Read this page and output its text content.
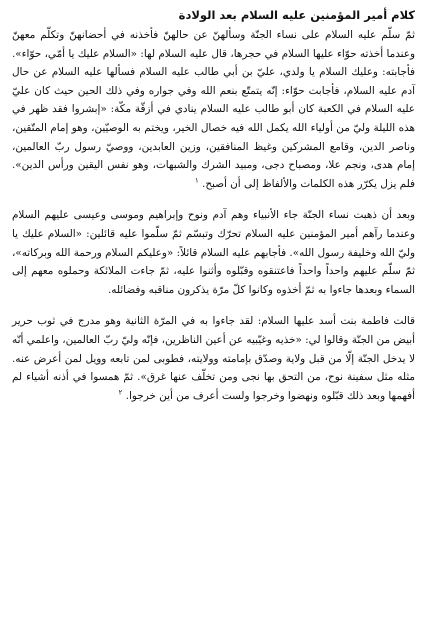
كلام أمير المؤمنين عليه السلام بعد الولادة

ثمّ سلّم عليه السلام على نساء الجنّة وسألهنّ عن حالهنّ فأخذنه في أحضانهنّ وتكلّم معهنّ وعندما أخذته حوّاء عليها السلام في حجرها، قال عليه السلام لها: «السلام عليك يا أمّي، حوّاء». فأجابته: وعليك السلام يا ولدي، عليّ بن أبي طالب عليه السلام فسألها عليه السلام عن حال آدم عليه السلام، فأجابت حوّاء: إنّه يتمتّع بنعم الله وفي جواره وفي ذلك الحين حيث كان عليّ عليه السلام في الكعبة كان أبو طالب عليه السلام ينادي في أزقّة مكّة: «إبشروا فقد ظهر في هذه الليلة وليّ من أولياء الله يكمل الله فيه خصال الخير، ويختم به الوصيّين، وهو إمام المتّقين، وناصر الدين، وقامع المشركين وغيظ المنافقين، وزين العابدين، ووصيّ رسول ربّ العالمين، إمام هدى، ونجم علا، ومصباح دجى، ومبيد الشرك والشبهات، وهو نفس اليقين ورأس الدين». فلم يزل يكرّر هذه الكلمات والألفاظ إلى أن أصبح. $^١$

وبعد أن ذهبت نساء الجنّة جاء الأنبياء وهم آدم ونوح وإبراهيم وموسى وعيسى عليهم السلام وعندما رآهم أمير المؤمنين عليه السلام تحرّك وتبسّم ثمّ سلّموا عليه قائلين: «السلام عليك يا وليّ الله وخليفة رسول الله». فأجابهم عليه السلام قائلاً: «وعليكم السلام ورحمة الله وبركاته»، ثمّ سلّم عليهم واحداً واحداً فاعتنقوه وقبّلوه وأثنوا عليه، ثمّ جاءت الملائكة وحملوه معهم إلى السماء وبعدها جاءوا به ثمّ أخذوه وكانوا كلّ مرّة يذكرون مناقبه وفضائله.

قالت فاطمة بنت أسد عليها السلام: لقد جاءوا به في المرّة الثانية وهو مدرج في ثوب حرير أبيض من الجنّة وقالوا لي: «خذيه وغيّبيه عن أعين الناظرين، فإنّه وليّ ربّ العالمين، واعلمي أنّه لا يدخل الجنّة إلّا من قبل ولاية وصدّق بإمامته وولايته، فطوبى لمن تابعه وويل لمن أعرض عنه. مثله مثل سفينة نوح، من التحق بها نجى ومن تخلّف عنها غرق». ثمّ همسوا في أذنه أشياء لم أفهمها وبعد ذلك قبّلوه ونهضوا وخرجوا ولست أعرف من أين خرجوا. $^٢$
